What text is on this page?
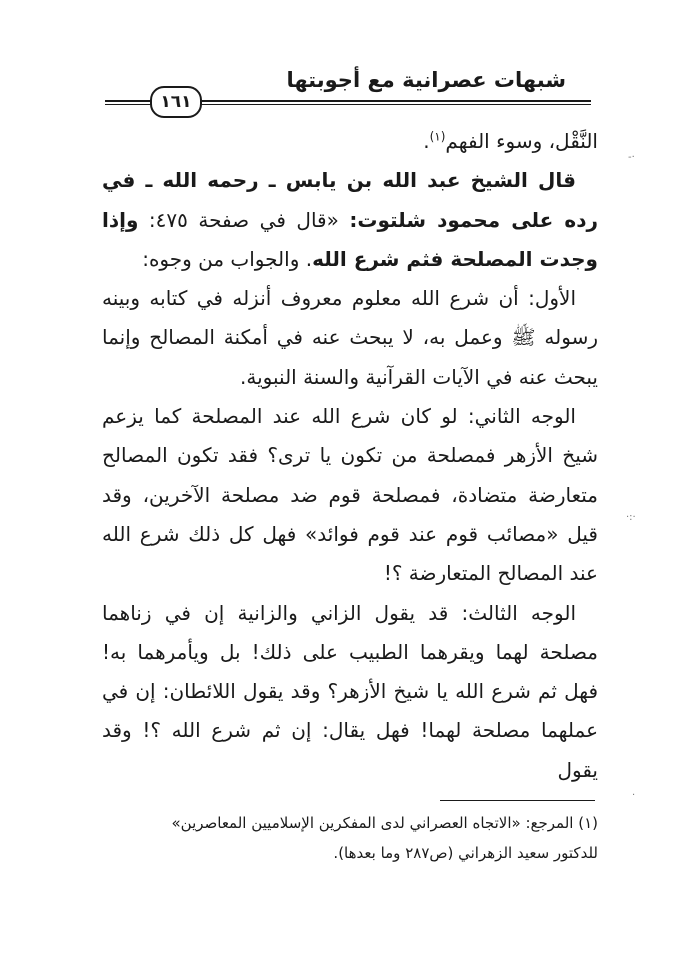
شبهات عصرانية مع أجوبتها
١٦١

النَّقْل، وسوء الفهم$^{(١)}$.

قال الشيخ عبد الله بن يابس ـ رحمه الله ـ في رده على محمود شلتوت: «قال في صفحة ٤٧٥: وإذا وجدت المصلحة فثم شرع الله. والجواب من وجوه:

الأول: أن شرع الله معلوم معروف أنزله في كتابه وبينه رسوله ﷺ وعمل به، لا يبحث عنه في أمكنة المصالح وإنما يبحث عنه في الآيات القرآنية والسنة النبوية.

الوجه الثاني: لو كان شرع الله عند المصلحة كما يزعم شيخ الأزهر فمصلحة من تكون يا ترى؟ فقد تكون المصالح متعارضة متضادة، فمصلحة قوم ضد مصلحة الآخرين، وقد قيل «مصائب قوم عند قوم فوائد» فهل كل ذلك شرع الله عند المصالح المتعارضة ؟!

الوجه الثالث: قد يقول الزاني والزانية إن في زناهما مصلحة لهما ويقرهما الطبيب على ذلك! بل ويأمرهما به! فهل ثم شرع الله يا شيخ الأزهر؟ وقد يقول اللائطان: إن في عملهما مصلحة لهما! فهل يقال: إن ثم شرع الله ؟! وقد يقول

(١) المرجع: «الاتجاه العصراني لدى المفكرين الإسلاميين المعاصرين»

للدكتور سعيد الزهراني (ص٢٨٧ وما بعدها).

-·
·:·
·
